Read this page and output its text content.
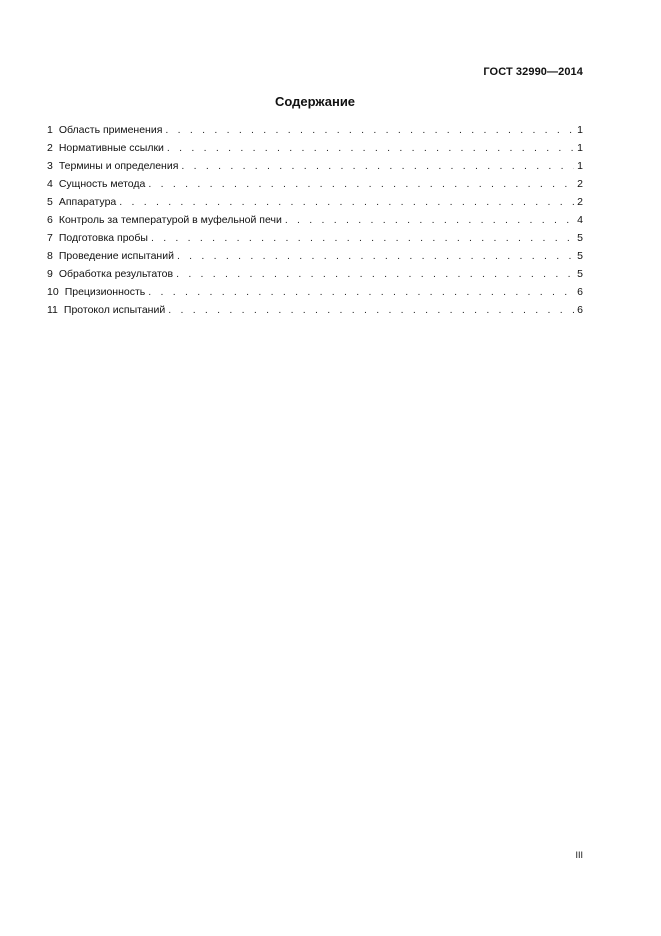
ГОСТ 32990—2014
Содержание
1 Область применения . . .	1
2 Нормативные ссылки . . .	1
3 Термины и определения . . .	1
4 Сущность метода . . .	2
5 Аппаратура . . .	2
6 Контроль за температурой в муфельной печи . . .	4
7 Подготовка пробы . . .	5
8 Проведение испытаний . . .	5
9 Обработка результатов . . .	5
10 Прецизионность . . .	6
11 Протокол испытаний . . .	6
III
